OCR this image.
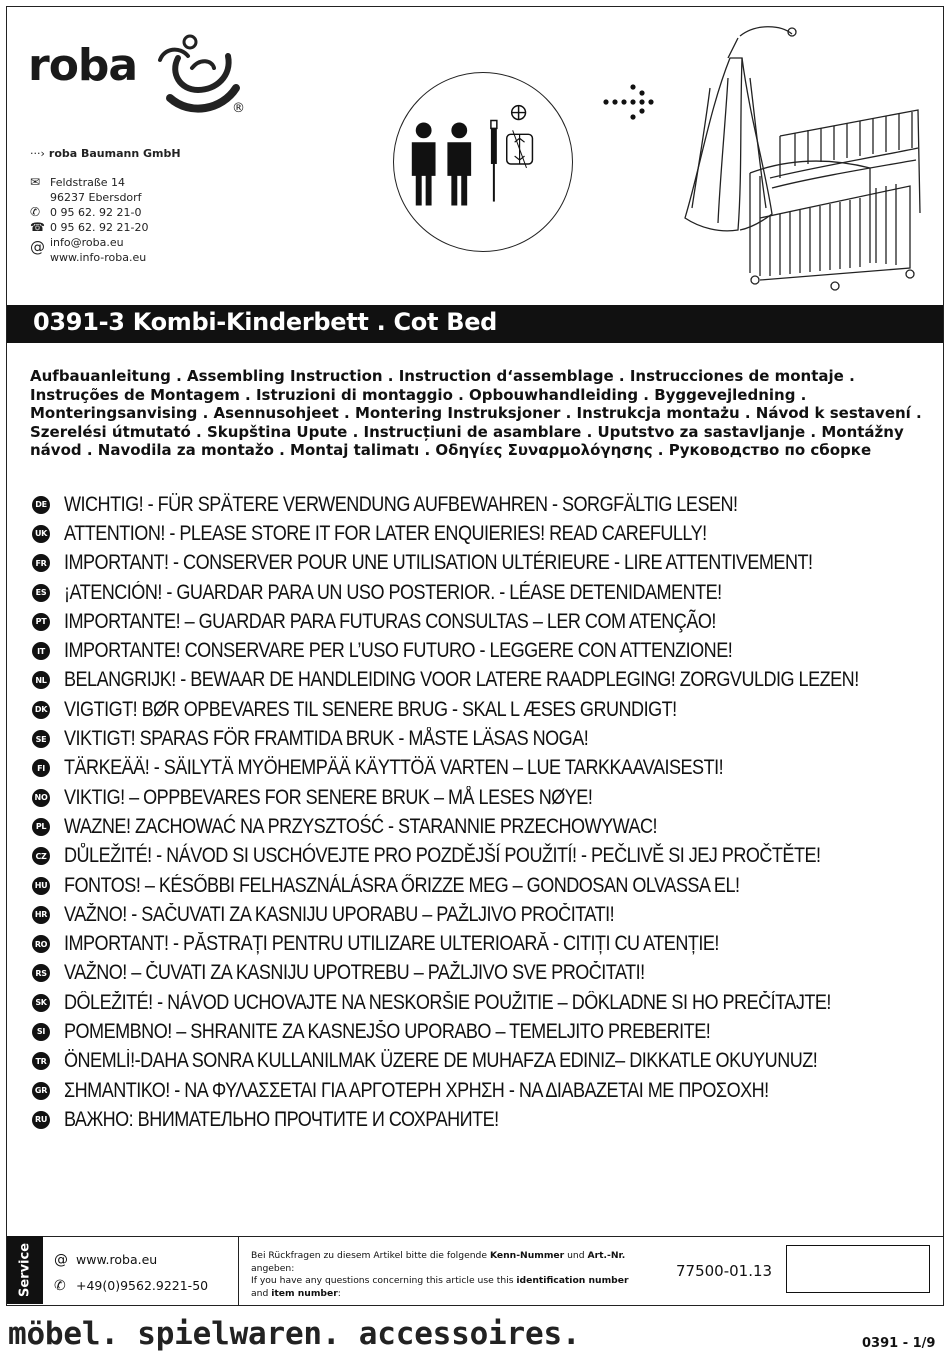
roba
®
···› roba Baumann GmbH
✉ Feldstraße 14
96237 Ebersdorf
✆ 0 95 62. 92 21-0
☎ 0 95 62. 92 21-20
@ info@roba.eu
www.info-roba.eu
0391-3 Kombi-Kinderbett . Cot Bed
Aufbauanleitung . Assembling Instruction . Instruction d‘assemblage . Instrucciones de montaje . Instruções de Montagem . Istruzioni di montaggio . Opbouwhandleiding . Byggevejledning . Monteringsanvising . Asennusohjeet . Montering Instruksjoner . Instrukcja montażu . Návod k sestavení . Szerelési útmutató . Skupština Upute . Instrucțiuni de asamblare . Uputstvo za sastavljanje . Montážny návod . Navodila za montažo . Montaj talimatı . Οδηγίες Συναρμολόγησης . Руководство по сборке
DE WICHTIG! - FÜR SPÄTERE VERWENDUNG AUFBEWAHREN - SORGFÄLTIG LESEN!
UK ATTENTION! - PLEASE STORE IT FOR LATER ENQUIERIES! READ CAREFULLY!
FR IMPORTANT! - CONSERVER POUR UNE UTILISATION ULTÉRIEURE - LIRE ATTENTIVEMENT!
ES ¡ATENCIÓN! - GUARDAR PARA UN USO POSTERIOR. - LÉASE DETENIDAMENTE!
PT IMPORTANTE! – GUARDAR PARA FUTURAS CONSULTAS – LER COM ATENÇÃO!
IT IMPORTANTE! CONSERVARE PER L’USO FUTURO - LEGGERE CON ATTENZIONE!
NL BELANGRIJK! - BEWAAR DE HANDLEIDING VOOR LATERE RAADPLEGING! ZORGVULDIG LEZEN!
DK VIGTIGT! BØR OPBEVARES TIL SENERE BRUG - SKAL L ÆSES GRUNDIGT!
SE VIKTIGT! SPARAS FÖR FRAMTIDA BRUK - MÅSTE LÄSAS NOGA!
FI TÄRKEÄÄ! - SÄILYTÄ MYÖHEMPÄÄ KÄYTTÖÄ VARTEN – LUE TARKKAAVAISESTI!
NO VIKTIG! – OPPBEVARES FOR SENERE BRUK – MÅ LESES NØYE!
PL WAZNE! ZACHOWAĆ NA PRZYSZTOŚĆ - STARANNIE PRZECHOWYWAC!
CZ DŮLEŽITÉ! - NÁVOD SI USCHÓVEJTE PRO POZDĚJŠÍ POUŽITÍ! - PEČLIVĚ SI JEJ PROČTĚTE!
HU FONTOS! – KÉSŐBBI FELHASZNÁLÁSRA ŐRIZZE MEG – GONDOSAN OLVASSA EL!
HR VAŽNO! - SAČUVATI ZA KASNIJU UPORABU – PAŽLJIVO PROČITATI!
RO IMPORTANT! - PĂSTRAȚI PENTRU UTILIZARE ULTERIOARĂ - CITIȚI CU ATENȚIE!
RS VAŽNO! – ČUVATI ZA KASNIJU UPOTREBU – PAŽLJIVO SVE PROČITATI!
SK DÔLEŽITÉ! - NÁVOD UCHOVAJTE NA NESKORŠIE POUŽITIE – DÔKLADNE SI HO PREČÍTAJTE!
SI POMEMBNO! – SHRANITE ZA KASNEJŠO UPORABO – TEMELJITO PREBERITE!
TR ÖNEMLİ!-DAHA SONRA KULLANILMAK ÜZERE DE MUHAFZA EDINIZ– DIKKATLE OKUYUNUZ!
GR ΣΗΜΑΝΤΙΚΟ! - ΝΑ ΦΥΛΑΣΣΕΤΑΙ ΓΙΑ ΑΡΓΟΤΕΡΗ ΧΡΗΣΗ - ΝΑ ΔΙΑΒΑΖΕΤΑΙ ΜΕ ΠΡΟΣΟΧΗ!
RU ВАЖНО: ВНИМАТЕЛЬНО ПРОЧТИТЕ И СОХРАНИТЕ!
Service @ www.roba.eu
✆ +49(0)9562.9221-50
Bei Rückfragen zu diesem Artikel bitte die folgende Kenn-Nummer und Art.-Nr. angeben:
If you have any questions concerning this article use this identification number
and item number:
77500-01.13
möbel. spielwaren. accessoires.	0391 - 1/9
